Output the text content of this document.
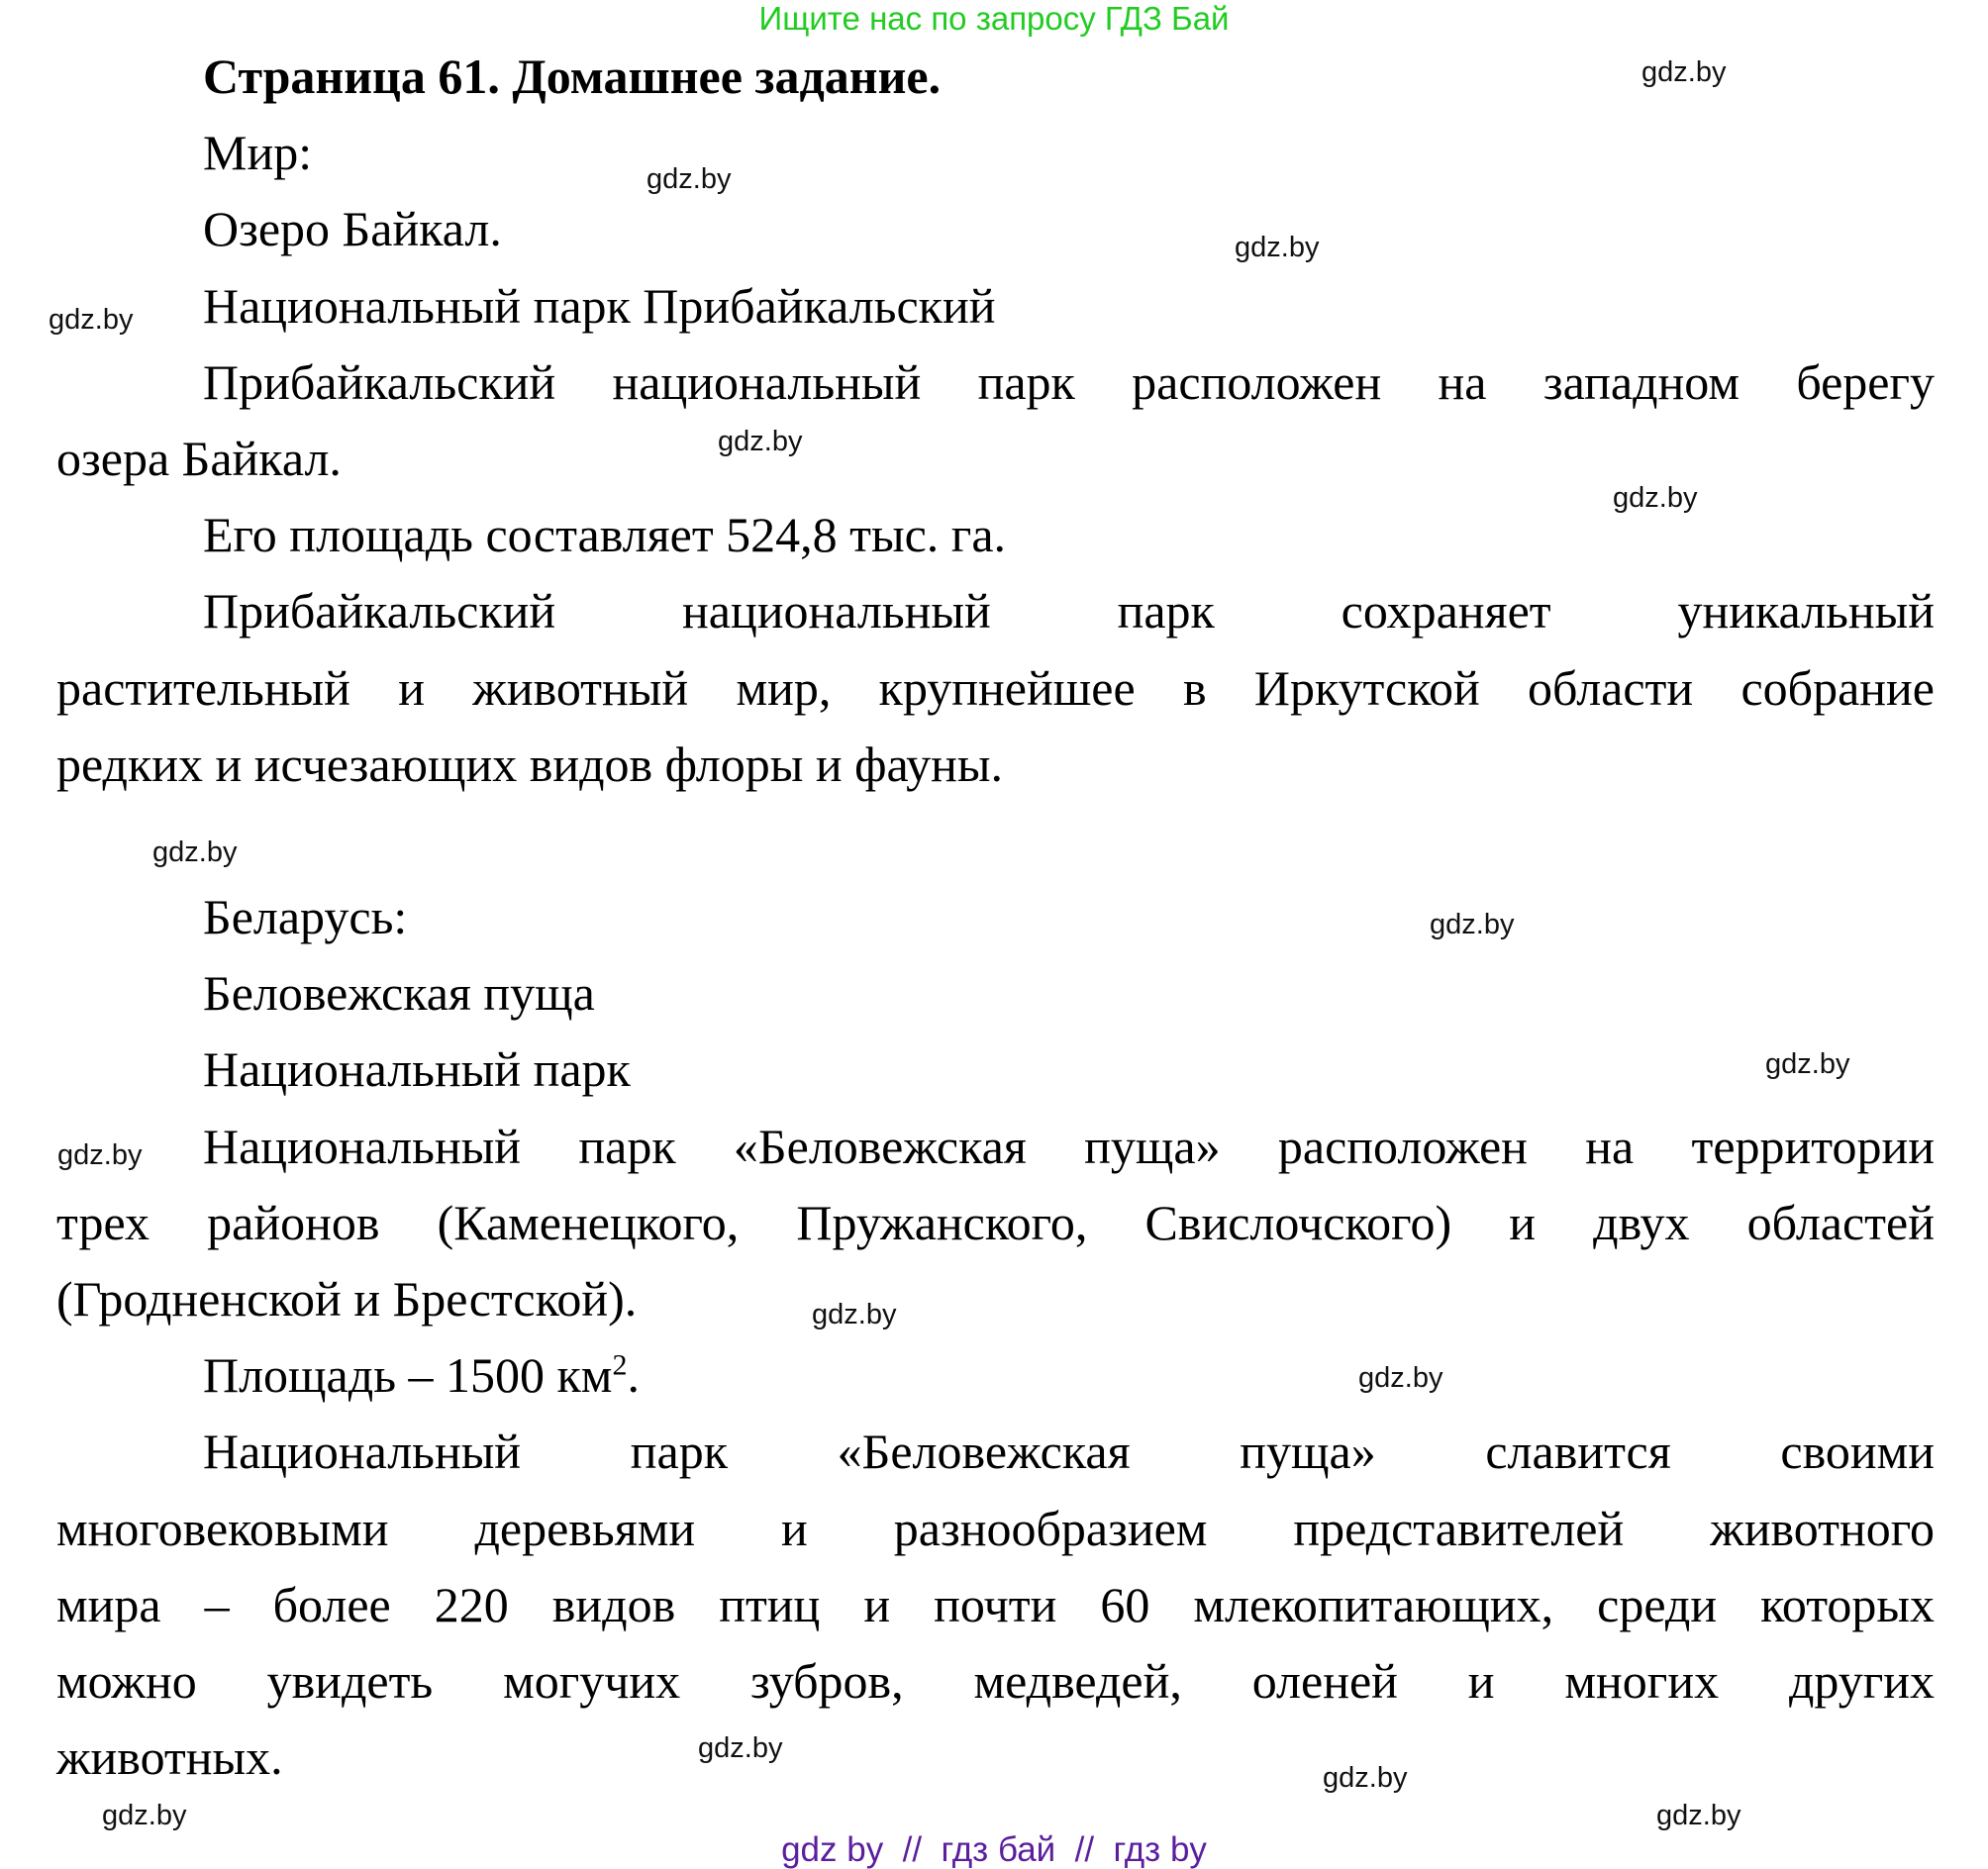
Ищите нас по запросу ГДЗ Бай
Страница 61. Домашнее задание.
Мир:
Озеро Байкал.
Национальный парк Прибайкальский
Прибайкальский национальный парк расположен на западном берегу
озера Байкал.
Его площадь составляет 524,8 тыс. га.
Прибайкальский национальный парк сохраняет уникальный
растительный и животный мир, крупнейшее в Иркутской области собрание
редких и исчезающих видов флоры и фауны.
Беларусь:
Беловежская пуща
Национальный парк
Национальный парк «Беловежская пуща» расположен на территории
трех районов (Каменецкого, Пружанского, Свислочского) и двух областей
(Гродненской и Брестской).
Площадь – 1500 $км^2$.
Национальный парк «Беловежская пуща» славится своими
многовековыми деревьями и разнообразием представителей животного
мира – более 220 видов птиц и почти 60 млекопитающих, среди которых
можно увидеть могучих зубров, медведей, оленей и многих других
животных.
gdz.by
gdz.by
gdz.by
gdz.by
gdz.by
gdz.by
gdz.by
gdz.by
gdz.by
gdz.by
gdz.by
gdz.by
gdz.by
gdz.by
gdz.by
gdz.by
gdz by  //  гдз бай  //  гдз by
